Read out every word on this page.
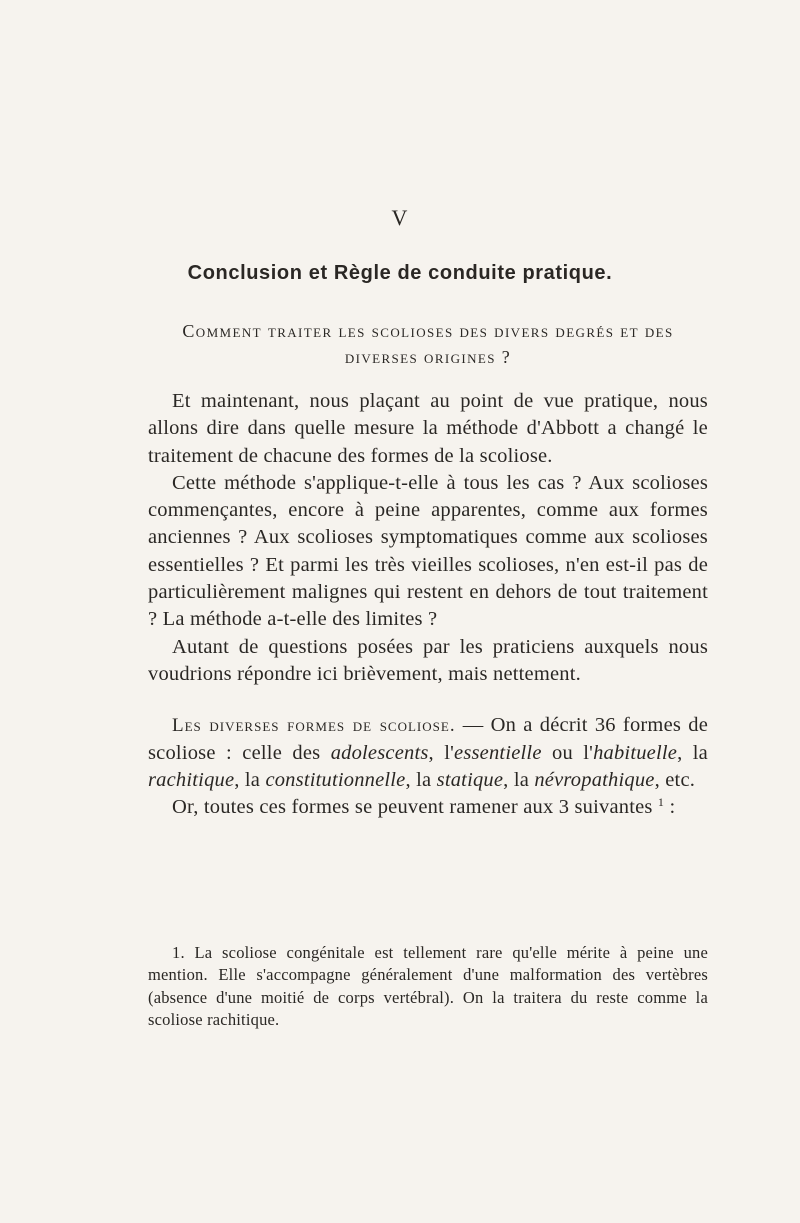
V
Conclusion et Règle de conduite pratique.
Comment traiter les scolioses des divers degrés et des diverses origines ?

Et maintenant, nous plaçant au point de vue pratique, nous allons dire dans quelle mesure la méthode d'Abbott a changé le traitement de chacune des formes de la scoliose.

Cette méthode s'applique-t-elle à tous les cas ? Aux scolioses commençantes, encore à peine apparentes, comme aux formes anciennes ? Aux scolioses symptomatiques comme aux scolioses essentielles ? Et parmi les très vieilles scolioses, n'en est-il pas de particulièrement malignes qui restent en dehors de tout traitement ? La méthode a-t-elle des limites ?

Autant de questions posées par les praticiens auxquels nous voudrions répondre ici brièvement, mais nettement.

Les diverses formes de scoliose. — On a décrit 36 formes de scoliose : celle des adolescents, l'essentielle ou l'habituelle, la rachitique, la constitutionnelle, la statique, la névropathique, etc.

Or, toutes ces formes se peuvent ramener aux 3 suivantes $^1$ :

1. La scoliose congénitale est tellement rare qu'elle mérite à peine une mention. Elle s'accompagne généralement d'une malformation des vertèbres (absence d'une moitié de corps vertébral). On la traitera du reste comme la scoliose rachitique.
